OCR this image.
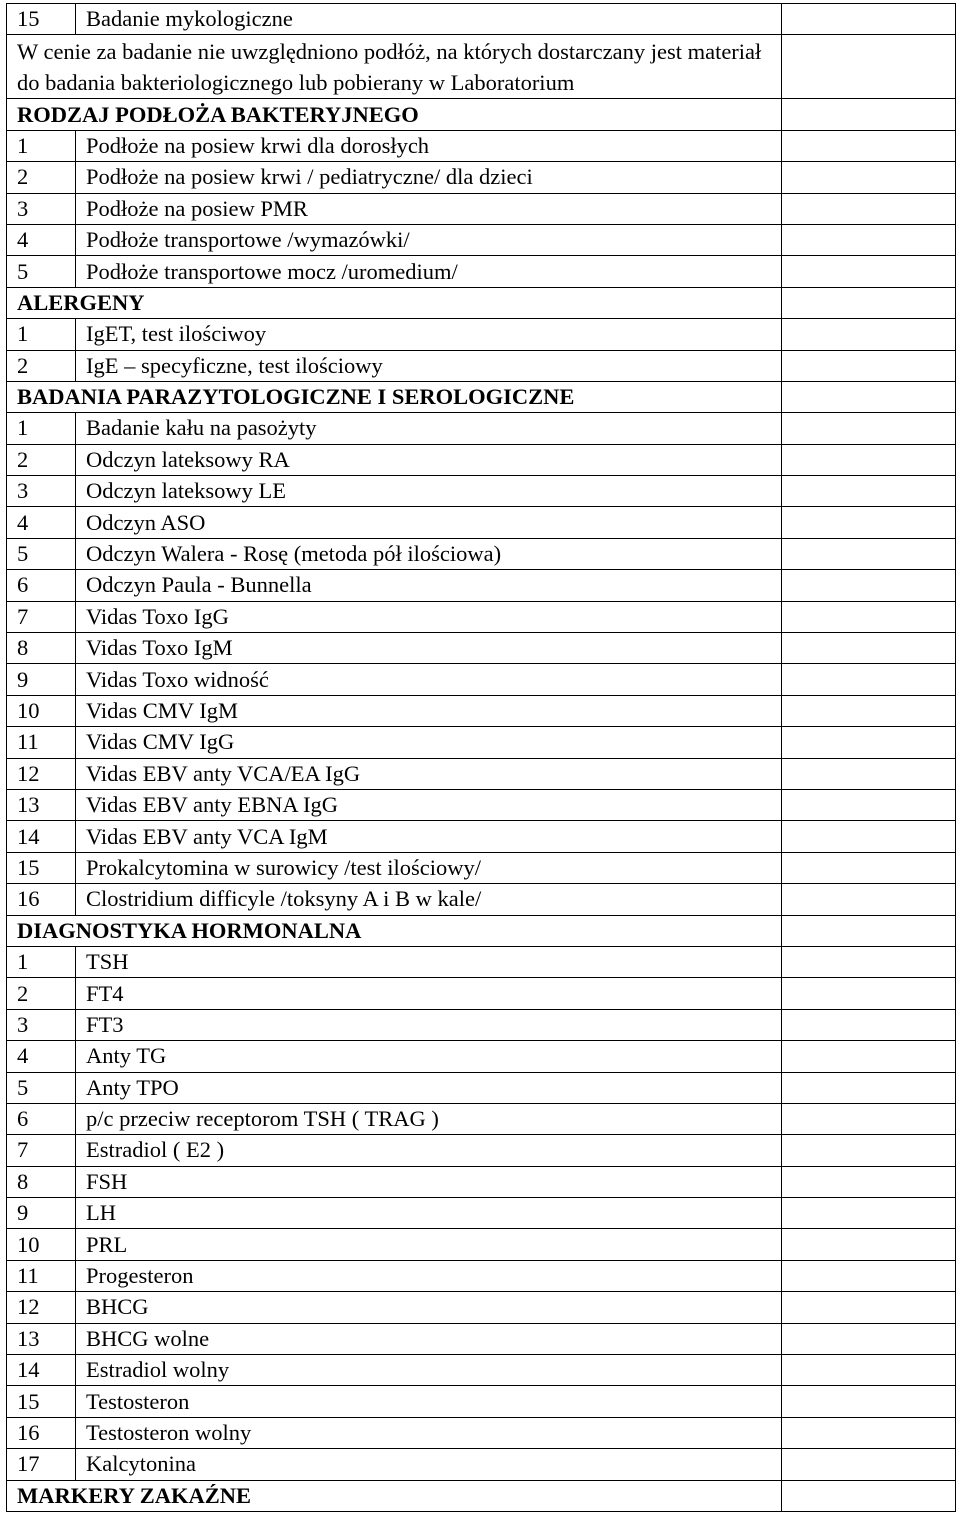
15	Badanie mykologiczne	
W cenie za badanie nie uwzględniono podłóż, na których dostarczany jest materiał do badania bakteriologicznego lub pobierany w Laboratorium		
RODZAJ PODŁOŻA BAKTERYJNEGO		
1	Podłoże na posiew krwi dla dorosłych	
2	Podłoże na posiew krwi / pediatryczne/ dla dzieci	
3	Podłoże na posiew PMR	
4	Podłoże transportowe /wymazówki/	
5	Podłoże transportowe mocz /uromedium/	
ALERGENY		
1	IgET, test ilościwoy	
2	IgE – specyficzne, test ilościowy	
BADANIA PARAZYTOLOGICZNE I SEROLOGICZNE		
1	Badanie kału na pasożyty	
2	Odczyn lateksowy RA	
3	Odczyn lateksowy LE	
4	Odczyn ASO	
5	Odczyn Walera - Rosę (metoda pół ilościowa)	
6	Odczyn Paula - Bunnella	
7	Vidas Toxo IgG	
8	Vidas Toxo IgM	
9	Vidas Toxo widność	
10	Vidas CMV IgM	
11	Vidas CMV IgG	
12	Vidas EBV anty VCA/EA IgG	
13	Vidas EBV anty EBNA IgG	
14	Vidas EBV anty VCA IgM	
15	Prokalcytomina w surowicy /test ilościowy/	
16	Clostridium difficyle /toksyny A i B w kale/	
DIAGNOSTYKA HORMONALNA		
1	TSH	
2	FT4	
3	FT3	
4	Anty TG	
5	Anty TPO	
6	p/c przeciw receptorom TSH ( TRAG )	
7	Estradiol ( E2 )	
8	FSH	
9	LH	
10	PRL	
11	Progesteron	
12	BHCG	
13	BHCG wolne	
14	Estradiol wolny	
15	Testosteron	
16	Testosteron wolny	
17	Kalcytonina	
MARKERY ZAKAŹNE		
